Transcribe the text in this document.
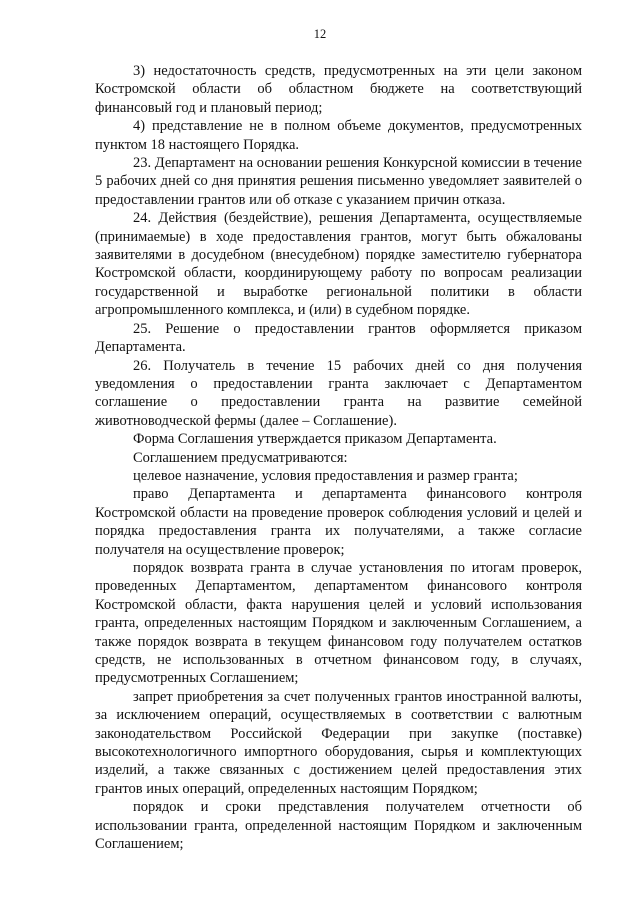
12

3) недостаточность средств, предусмотренных на эти цели законом Костромской области об областном бюджете на соответствующий финансовый год и плановый период;

4) представление не в полном объеме документов, предусмотренных пунктом 18 настоящего Порядка.

23. Департамент на основании решения Конкурсной комиссии в течение 5 рабочих дней со дня принятия решения письменно уведомляет заявителей о предоставлении грантов или об отказе с указанием причин отказа.

24. Действия (бездействие), решения Департамента, осуществляемые (принимаемые) в ходе предоставления грантов, могут быть обжалованы заявителями в досудебном (внесудебном) порядке заместителю губернатора Костромской области, координирующему работу по вопросам реализации государственной и выработке региональной политики в области агропромышленного комплекса, и (или) в судебном порядке.

25. Решение о предоставлении грантов оформляется приказом Департамента.

26. Получатель в течение 15 рабочих дней со дня получения уведомления о предоставлении гранта заключает с Департаментом соглашение о предоставлении гранта на развитие семейной животноводческой фермы (далее – Соглашение).

Форма Соглашения утверждается приказом Департамента.

Соглашением предусматриваются:

целевое назначение, условия предоставления и размер гранта;

право Департамента и департамента финансового контроля Костромской области на проведение проверок соблюдения условий и целей и порядка предоставления гранта их получателями, а также согласие получателя на осуществление проверок;

порядок возврата гранта в случае установления по итогам проверок, проведенных Департаментом, департаментом финансового контроля Костромской области, факта нарушения целей и условий использования гранта, определенных настоящим Порядком и заключенным Соглашением, а также порядок возврата в текущем финансовом году получателем остатков средств, не использованных в отчетном финансовом году, в случаях, предусмотренных Соглашением;

запрет приобретения за счет полученных грантов иностранной валюты, за исключением операций, осуществляемых в соответствии с валютным законодательством Российской Федерации при закупке (поставке) высокотехнологичного импортного оборудования, сырья и комплектующих изделий, а также связанных с достижением целей предоставления этих грантов иных операций, определенных настоящим Порядком;

порядок и сроки представления получателем отчетности об использовании гранта, определенной настоящим Порядком и заключенным Соглашением;
